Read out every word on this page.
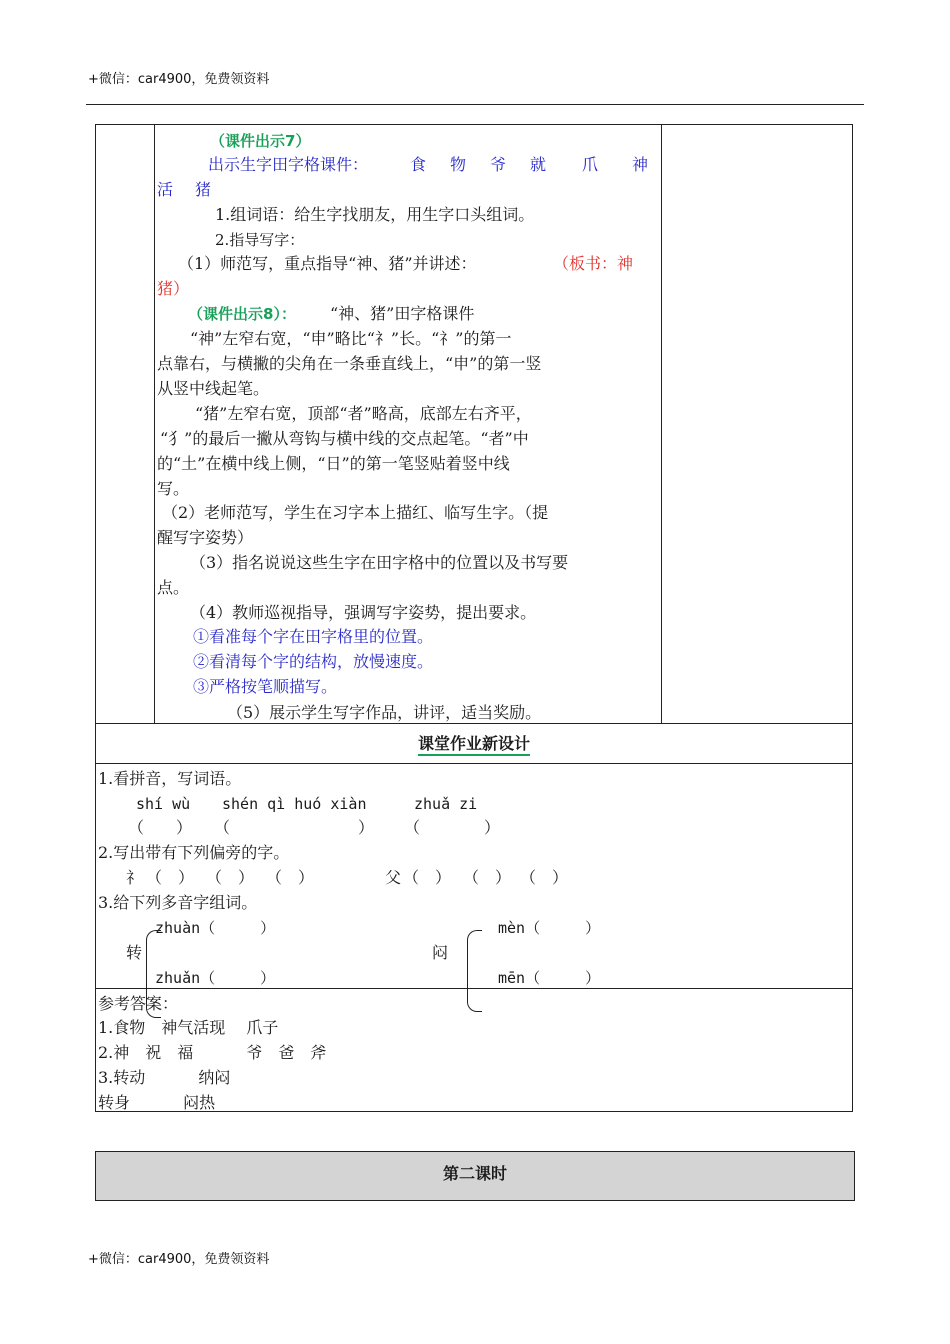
+微信：car4900，免费领资料
（课件出示7）
出示生字田字格课件：	食 物 爷 就 爪 神
活 猪
1.组词语：给生字找朋友，用生字口头组词。
2.指导写字：
（1）师范写，重点指导“神、猪”并讲述：	（板书：神
猪）
（课件出示8）： “神、猪”田字格课件
“神”左窄右宽，“申”略比“礻”长。“礻”的第一
点靠右，与横撇的尖角在一条垂直线上，“申”的第一竖
从竖中线起笔。
“猪”左窄右宽，顶部“者”略高，底部左右齐平，
“犭”的最后一撇从弯钩与横中线的交点起笔。“者”中
的“土”在横中线上侧，“日”的第一笔竖贴着竖中线
写。
（2）老师范写，学生在习字本上描红、临写生字。（提
醒写字姿势）
（3）指名说说这些生字在田字格中的位置以及书写要
点。
（4）教师巡视指导，强调写字姿势，提出要求。
①看准每个字在田字格里的位置。
②看清每个字的结构，放慢速度。
③严格按笔顺描写。
（5）展示学生写字作品，讲评，适当奖励。
课堂作业新设计
1.看拼音，写词语。
shí wù shén qì huó xiàn	zhuǎ zi
（　　） （　　　　　　　　） （　　　　）
2.写出带有下列偏旁的字。
礻 （　） （　） （　）	父 （　） （　） （　）
3.给下列多音字组词。
zhuàn（　　　）	mèn（　　　）
转	闷
zhuǎn（　　　）	mēn（　　　）
参考答案：
1.食物　神气活现　 爪子
2.神　祝　福　　　 爷　爸　斧
3.转动　　　 纳闷
转身　　　 闷热
第二课时
+微信：car4900，免费领资料
